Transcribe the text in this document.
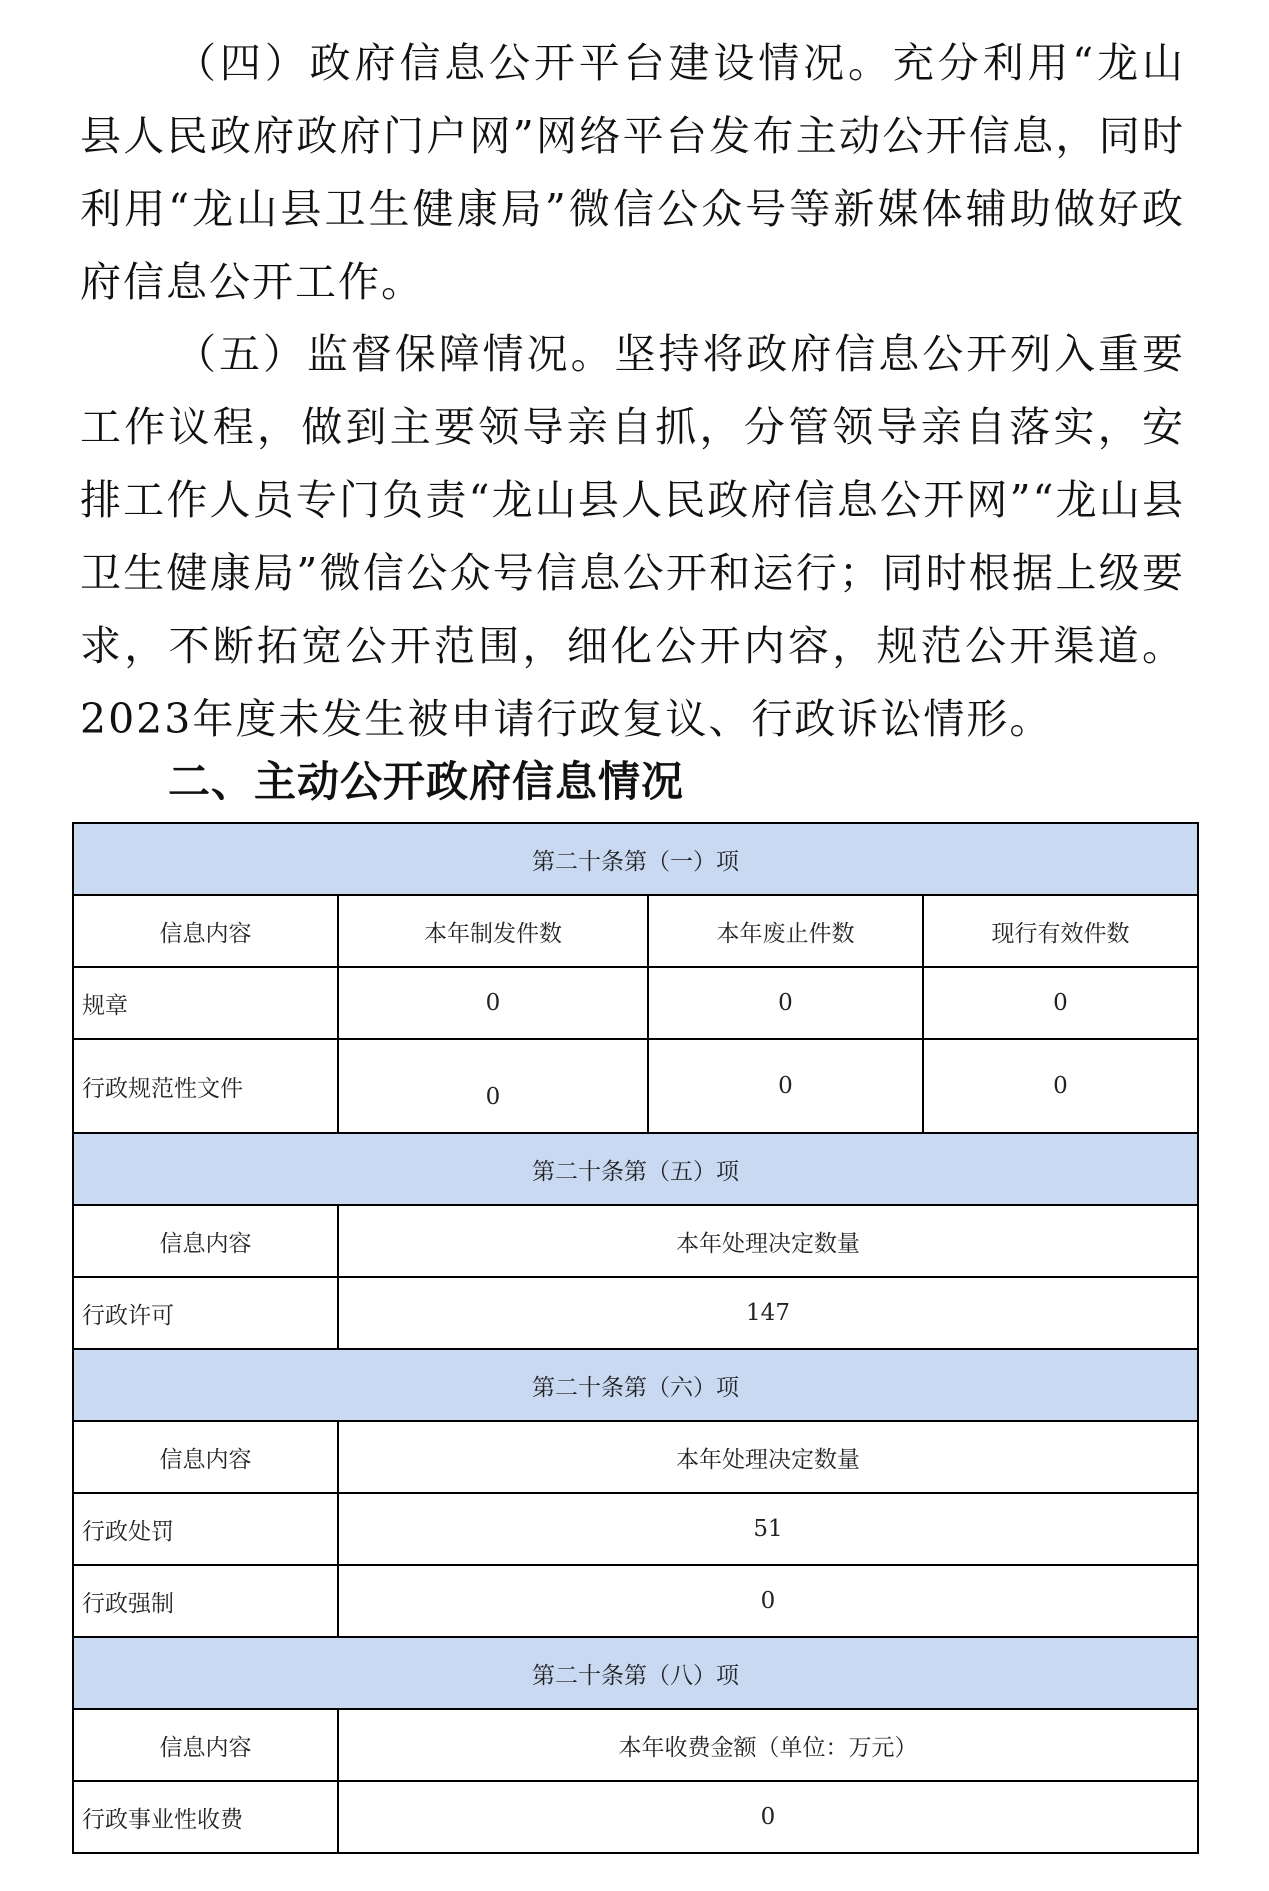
（四）政府信息公开平台建设情况。充分利用“龙山县人民政府政府门户网”网络平台发布主动公开信息，同时利用“龙山县卫生健康局”微信公众号等新媒体辅助做好政府信息公开工作。
（五）监督保障情况。坚持将政府信息公开列入重要工作议程，做到主要领导亲自抓，分管领导亲自落实，安排工作人员专门负责“龙山县人民政府信息公开网”“龙山县卫生健康局”微信公众号信息公开和运行；同时根据上级要求，不断拓宽公开范围，细化公开内容，规范公开渠道。2023年度未发生被申请行政复议、行政诉讼情形。
二、主动公开政府信息情况
第二十条第（一）项			
信息内容	本年制发件数	本年废止件数	现行有效件数
规章	0	0	0
行政规范性文件	0	0	0
第二十条第（五）项			
信息内容	本年处理决定数量		
行政许可	147		
第二十条第（六）项			
信息内容	本年处理决定数量		
行政处罚	51		
行政强制	0		
第二十条第（八）项			
信息内容	本年收费金额（单位：万元）		
行政事业性收费	0		
